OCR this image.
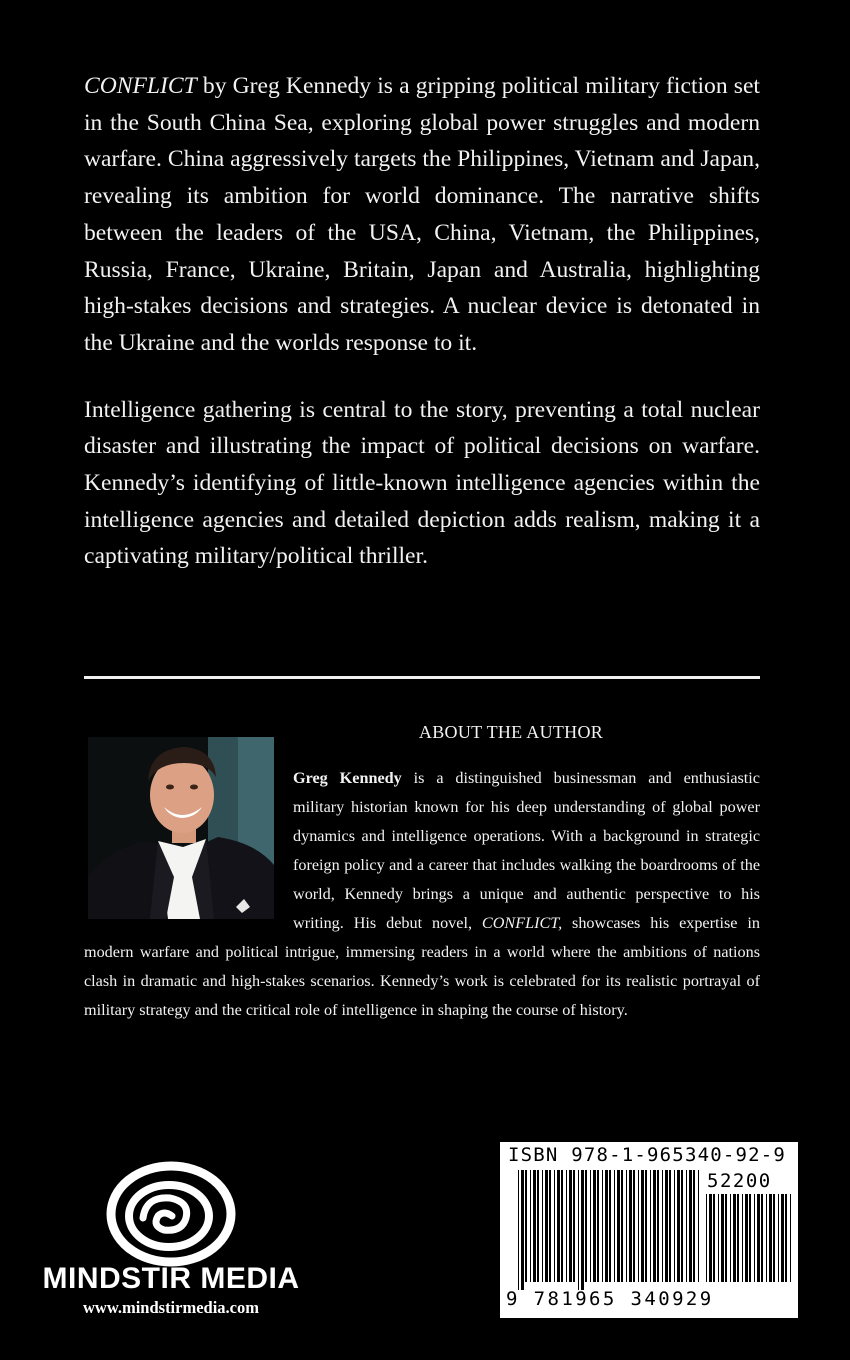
CONFLICT by Greg Kennedy is a gripping political military fiction set in the South China Sea, exploring global power struggles and modern warfare. China aggressively targets the Philippines, Vietnam and Japan, revealing its ambition for world dominance. The narrative shifts between the leaders of the USA, China, Vietnam, the Philippines, Russia, France, Ukraine, Britain, Japan and Australia, highlighting high-stakes decisions and strategies. A nuclear device is detonated in the Ukraine and the worlds response to it.

Intelligence gathering is central to the story, preventing a total nuclear disaster and illustrating the impact of political decisions on warfare. Kennedy’s identifying of little-known intelligence agencies within the intelligence agencies and detailed depiction adds realism, making it a captivating military/political thriller.

ABOUT THE AUTHOR
Greg Kennedy is a distinguished businessman and enthusiastic military historian known for his deep understanding of global power dynamics and intelligence operations. With a background in strategic foreign policy and a career that includes walking the boardrooms of the world, Kennedy brings a unique and authentic perspective to his writing. His debut novel, CONFLICT, showcases his expertise in modern warfare and political intrigue, immersing readers in a world where the ambitions of nations clash in dramatic and high-stakes scenarios. Kennedy’s work is celebrated for its realistic portrayal of military strategy and the critical role of intelligence in shaping the course of history.

MINDSTIR MEDIA

www.mindstirmedia.com

ISBN 978-1-965340-92-9

52200

9 781965 340929
